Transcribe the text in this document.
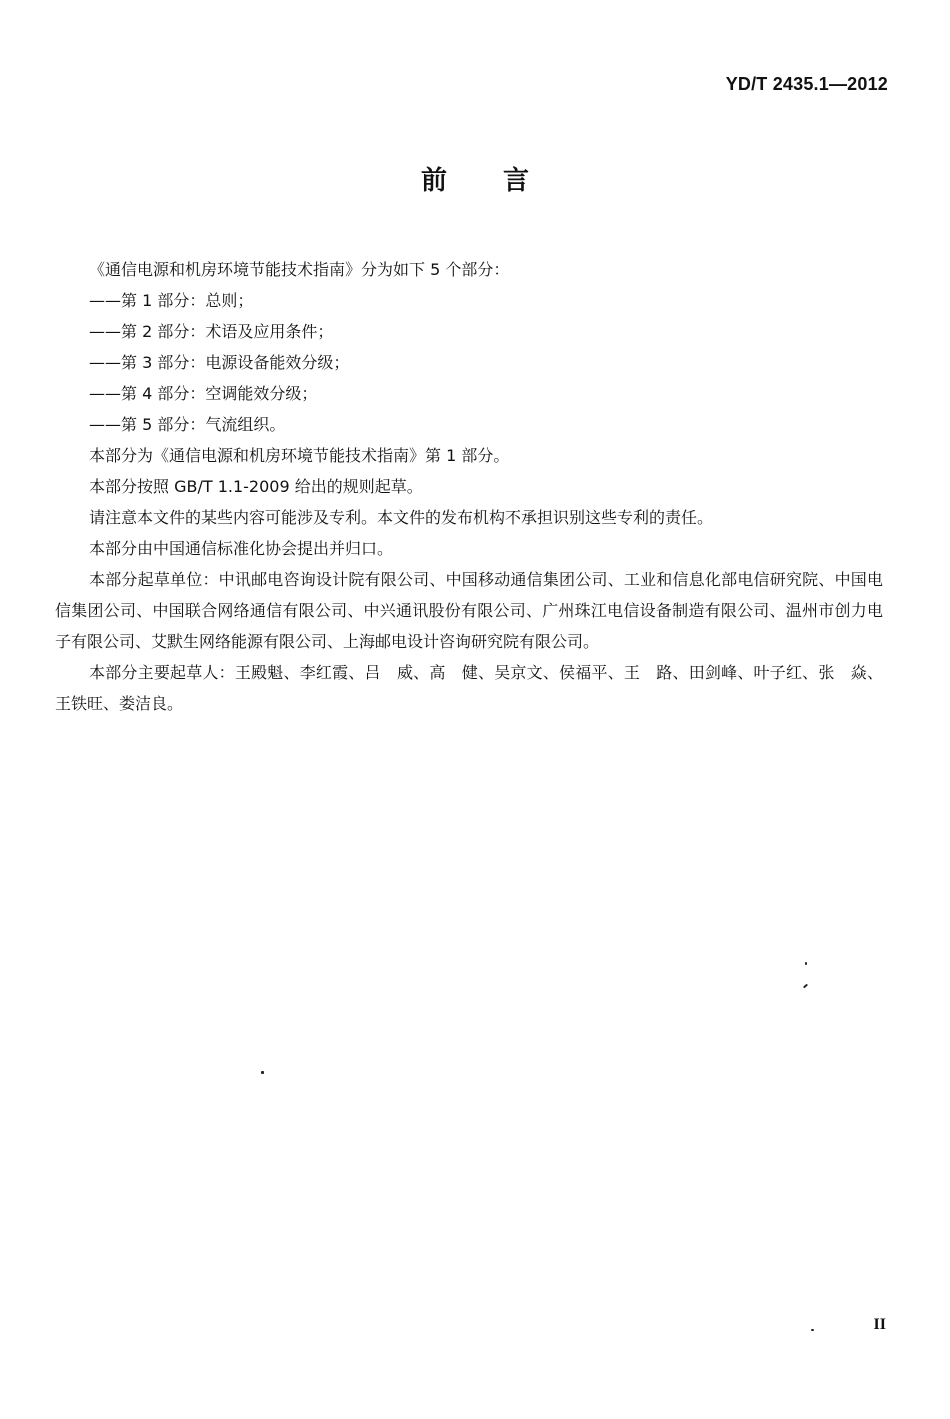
YD/T 2435.1—2012
前言

《通信电源和机房环境节能技术指南》分为如下 5 个部分：

——第 1 部分：总则；

——第 2 部分：术语及应用条件；

——第 3 部分：电源设备能效分级；

——第 4 部分：空调能效分级；

——第 5 部分：气流组织。

本部分为《通信电源和机房环境节能技术指南》第 1 部分。

本部分按照 GB/T 1.1-2009 给出的规则起草。

请注意本文件的某些内容可能涉及专利。本文件的发布机构不承担识别这些专利的责任。

本部分由中国通信标准化协会提出并归口。

本部分起草单位：中讯邮电咨询设计院有限公司、中国移动通信集团公司、工业和信息化部电信研究院、中国电信集团公司、中国联合网络通信有限公司、中兴通讯股份有限公司、广州珠江电信设备制造有限公司、温州市创力电子有限公司、艾默生网络能源有限公司、上海邮电设计咨询研究院有限公司。

本部分主要起草人：王殿魁、李红霞、吕　威、高　健、吴京文、侯福平、王　路、田剑峰、叶子红、张　焱、王铁旺、娄洁良。

II
